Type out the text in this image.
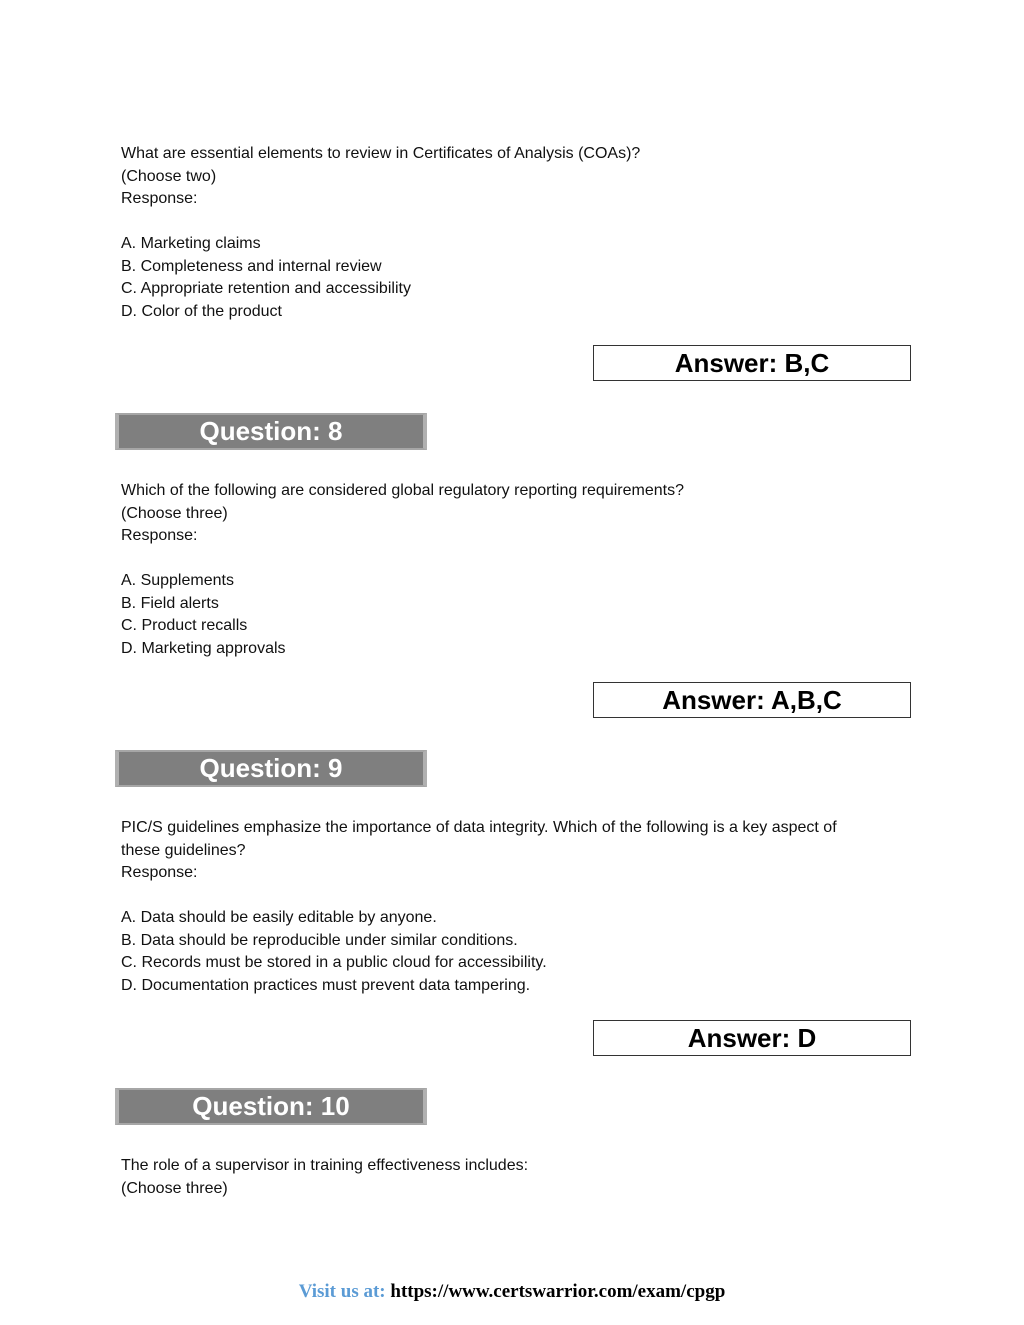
What are essential elements to review in Certificates of Analysis (COAs)?

(Choose two)

Response:

A. Marketing claims

B. Completeness and internal review

C. Appropriate retention and accessibility

D. Color of the product

Answer: B,C
Question: 8

Which of the following are considered global regulatory reporting requirements?

(Choose three)

Response:

A. Supplements

B. Field alerts

C. Product recalls

D. Marketing approvals

Answer: A,B,C
Question: 9

PIC/S guidelines emphasize the importance of data integrity. Which of the following is a key aspect of

these guidelines?

Response:

A. Data should be easily editable by anyone.

B. Data should be reproducible under similar conditions.

C. Records must be stored in a public cloud for accessibility.

D. Documentation practices must prevent data tampering.

Answer: D
Question: 10

The role of a supervisor in training effectiveness includes:

(Choose three)

Visit us at: https://www.certswarrior.com/exam/cpgp
